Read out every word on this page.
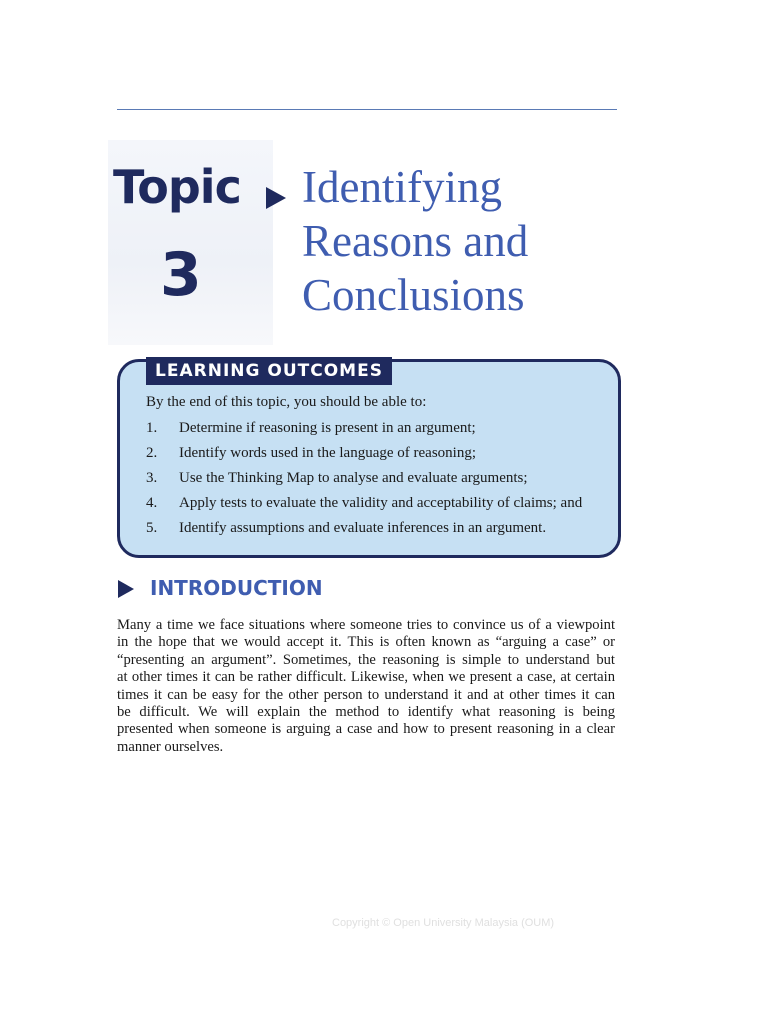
Topic
3
Identifying
Reasons and
Conclusions
LEARNING OUTCOMES
By the end of this topic, you should be able to:
1.	Determine if reasoning is present in an argument;
2.	Identify words used in the language of reasoning;
3.	Use the Thinking Map to analyse and evaluate arguments;
4.	Apply tests to evaluate the validity and acceptability of claims; and
5.	Identify assumptions and evaluate inferences in an argument.
INTRODUCTION
Many a time we face situations where someone tries to convince us of a viewpoint
in the hope that we would accept it. This is often known as “arguing a case” or
“presenting an argument”. Sometimes, the reasoning is simple to understand but
at other times it can be rather difficult. Likewise, when we present a case, at certain
times it can be easy for the other person to understand it and at other times it can
be difficult. We will explain the method to identify what reasoning is being
presented when someone is arguing a case and how to present reasoning in a clear
manner ourselves.
Copyright © Open University Malaysia (OUM)
